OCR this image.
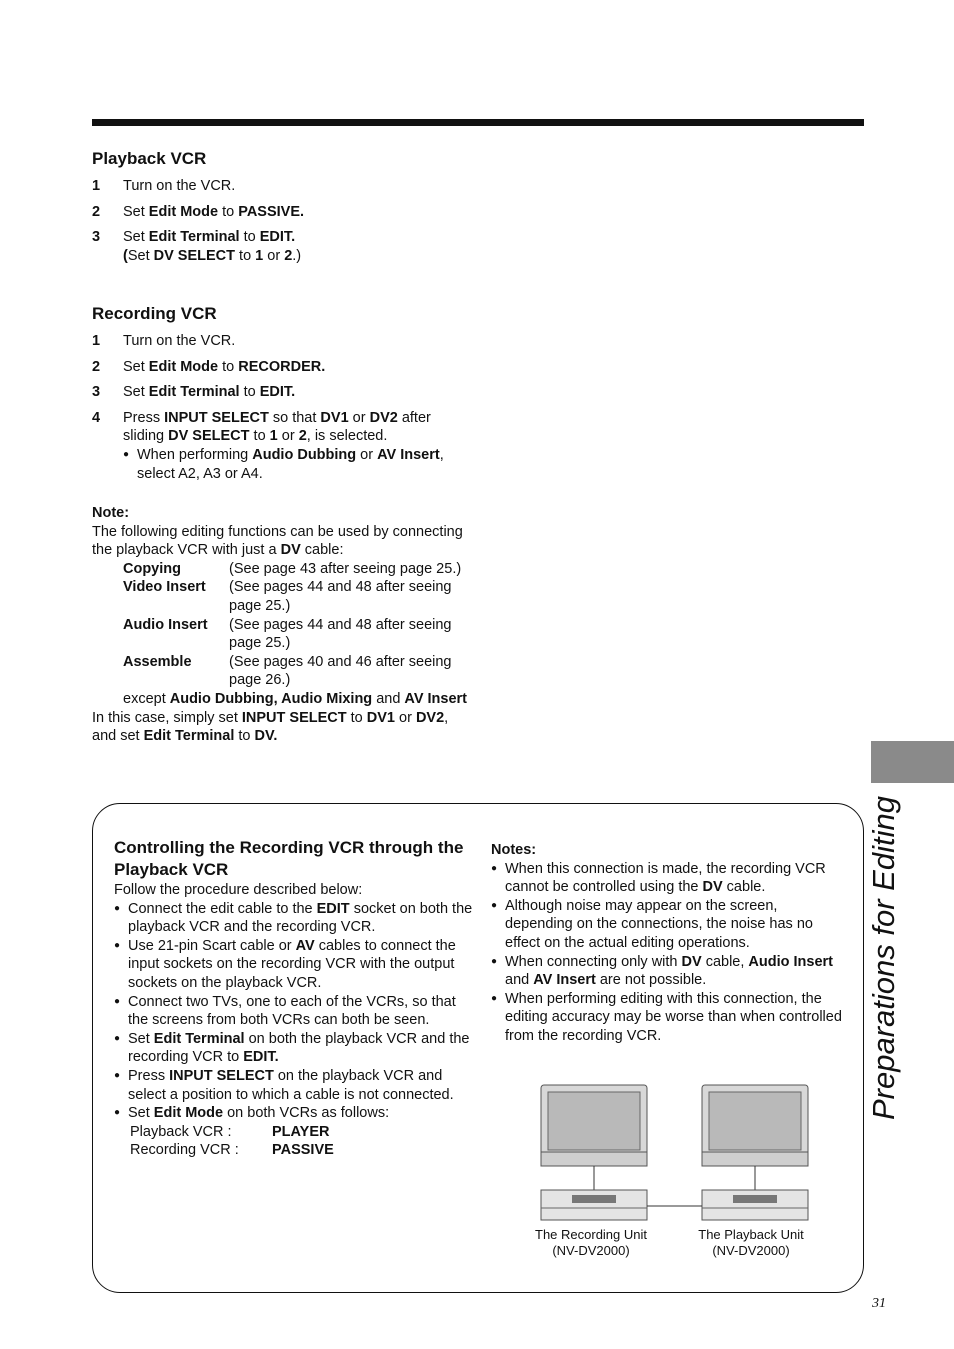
Playback VCR
1	Turn on the VCR.
2	Set Edit Mode to PASSIVE.
3	Set Edit Terminal to EDIT.
(Set DV SELECT to 1 or 2.)
Recording VCR
1	Turn on the VCR.
2	Set Edit Mode to RECORDER.
3	Set Edit Terminal to EDIT.
4	Press INPUT SELECT so that DV1 or DV2 after sliding DV SELECT to 1 or 2, is selected.
● When performing Audio Dubbing or AV Insert, select A2, A3 or A4.
Note:
The following editing functions can be used by connecting the playback VCR with just a DV cable:
Copying	(See page 43 after seeing page 25.)
Video Insert	(See pages 44 and 48 after seeing page 25.)
Audio Insert	(See pages 44 and 48 after seeing page 25.)
Assemble	(See pages 40 and 46 after seeing page 26.)
except Audio Dubbing, Audio Mixing and AV Insert
In this case, simply set INPUT SELECT to DV1 or DV2, and set Edit Terminal to DV.
Preparations for Editing
Controlling the Recording VCR through the Playback VCR
Follow the procedure described below:
● Connect the edit cable to the EDIT socket on both the playback VCR and the recording VCR.
● Use 21-pin Scart cable or AV cables to connect the input sockets on the recording VCR with the output sockets on the playback VCR.
● Connect two TVs, one to each of the VCRs, so that the screens from both VCRs can both be seen.
● Set Edit Terminal on both the playback VCR and the recording VCR to EDIT.
● Press INPUT SELECT on the playback VCR and select a position to which a cable is not connected.
● Set Edit Mode on both VCRs as follows:
Playback VCR :	PLAYER
Recording VCR :	PASSIVE
Notes:
● When this connection is made, the recording VCR cannot be controlled using the DV cable.
● Although noise may appear on the screen, depending on the connections, the noise has no effect on the actual editing operations.
● When connecting only with DV cable, Audio Insert and AV Insert are not possible.
● When performing editing with this connection, the editing accuracy may be worse than when controlled from the recording VCR.
The Recording Unit
(NV-DV2000)
The Playback Unit
(NV-DV2000)
31
